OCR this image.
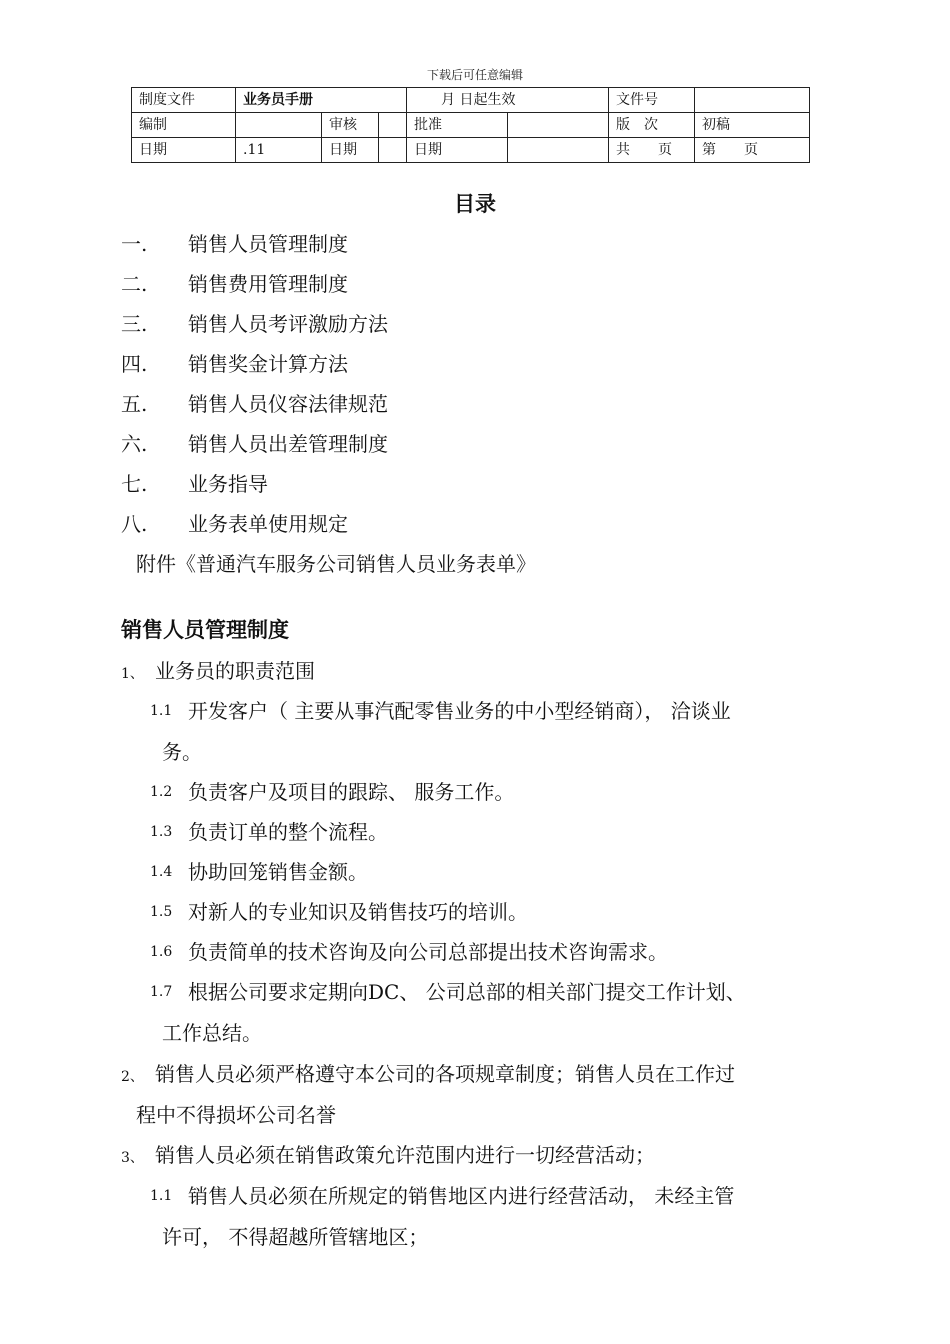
下载后可任意编辑
制度文件	业务员手册			月 日起生效		文件号	
编制		审核		批准		版　次	初稿
日期	.11	日期		日期		共　　页	第　　页
目录
一. 销售人员管理制度
二. 销售费用管理制度
三. 销售人员考评激励方法
四. 销售奖金计算方法
五. 销售人员仪容法律规范
六. 销售人员出差管理制度
七. 业务指导
八. 业务表单使用规定
附件《普通汽车服务公司销售人员业务表单》
销售人员管理制度
1、 业务员的职责范围
1.1 开发客户（ 主要从事汽配零售业务的中小型经销商）， 洽谈业
务。
1.2 负责客户及项目的跟踪、 服务工作。
1.3 负责订单的整个流程。
1.4 协助回笼销售金额。
1.5 对新人的专业知识及销售技巧的培训。
1.6 负责简单的技术咨询及向公司总部提出技术咨询需求。
1.7 根据公司要求定期向DC、 公司总部的相关部门提交工作计划、
工作总结。
2、 销售人员必须严格遵守本公司的各项规章制度；销售人员在工作过
程中不得损坏公司名誉
3、 销售人员必须在销售政策允许范围内进行一切经营活动；
1.1 销售人员必须在所规定的销售地区内进行经营活动， 未经主管
许可， 不得超越所管辖地区；
